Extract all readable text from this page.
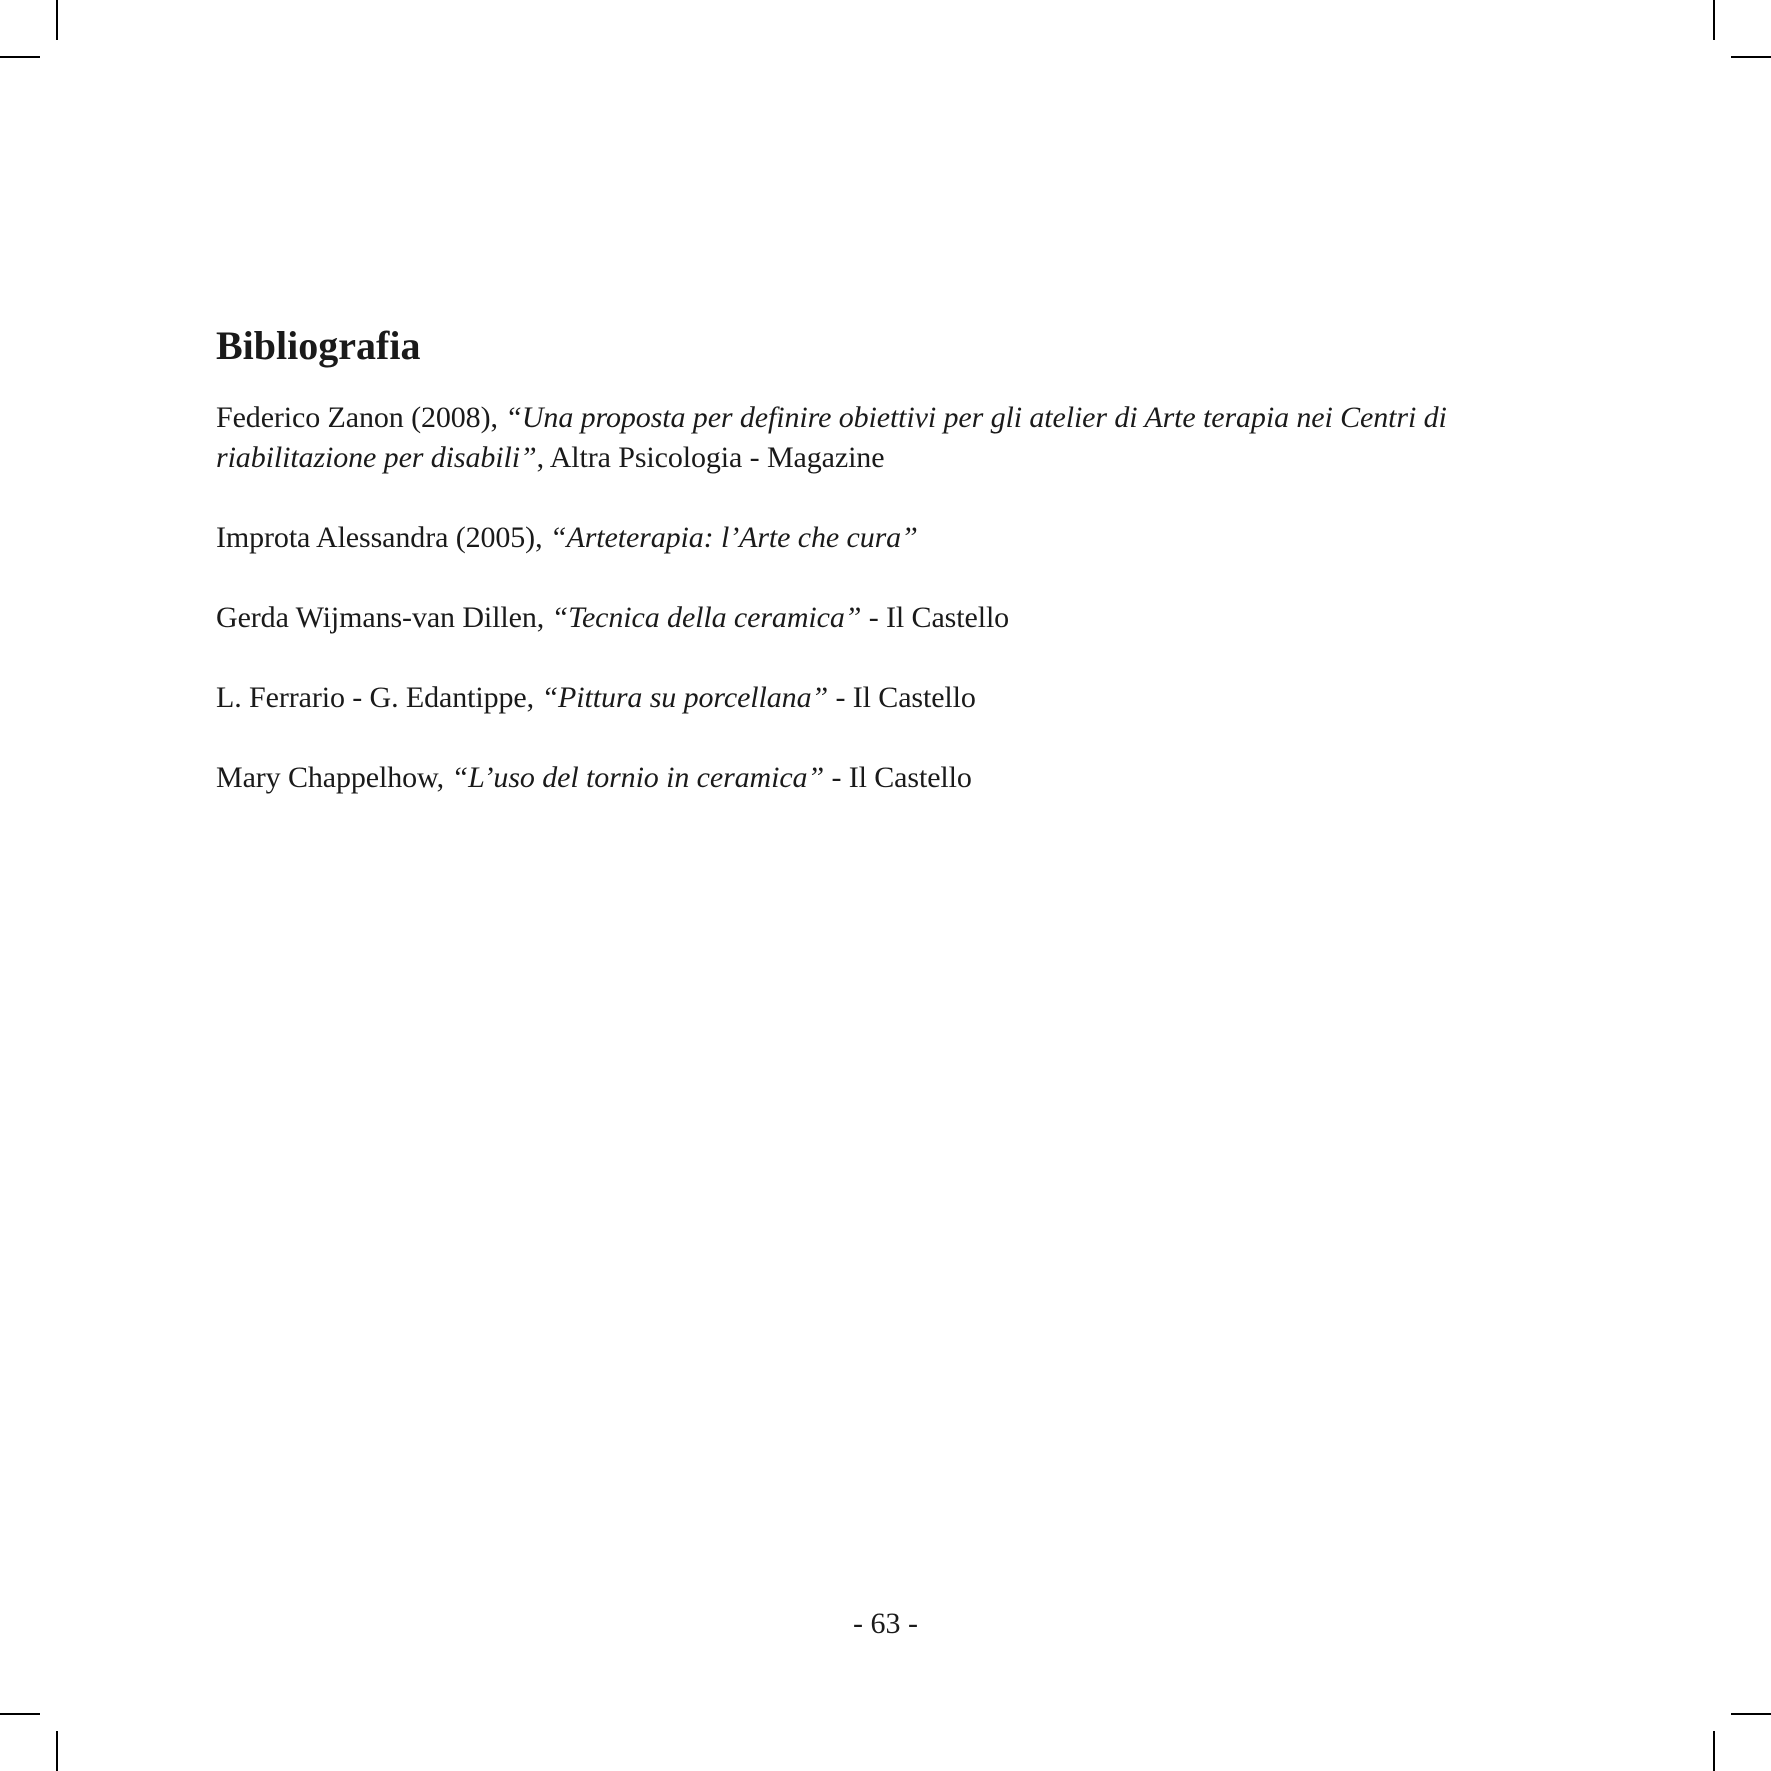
Bibliografia

Federico Zanon (2008), “Una proposta per definire obiettivi per gli atelier di Arte terapia nei Centri di riabilitazione per disabili”, Altra Psicologia - Magazine

Improta Alessandra (2005), “Arteterapia: l’Arte che cura”

Gerda Wijmans-van Dillen, “Tecnica della ceramica” - Il Castello

L. Ferrario - G. Edantippe, “Pittura su porcellana” - Il Castello

Mary Chappelhow, “L’uso del tornio in ceramica” - Il Castello

- 63 -
